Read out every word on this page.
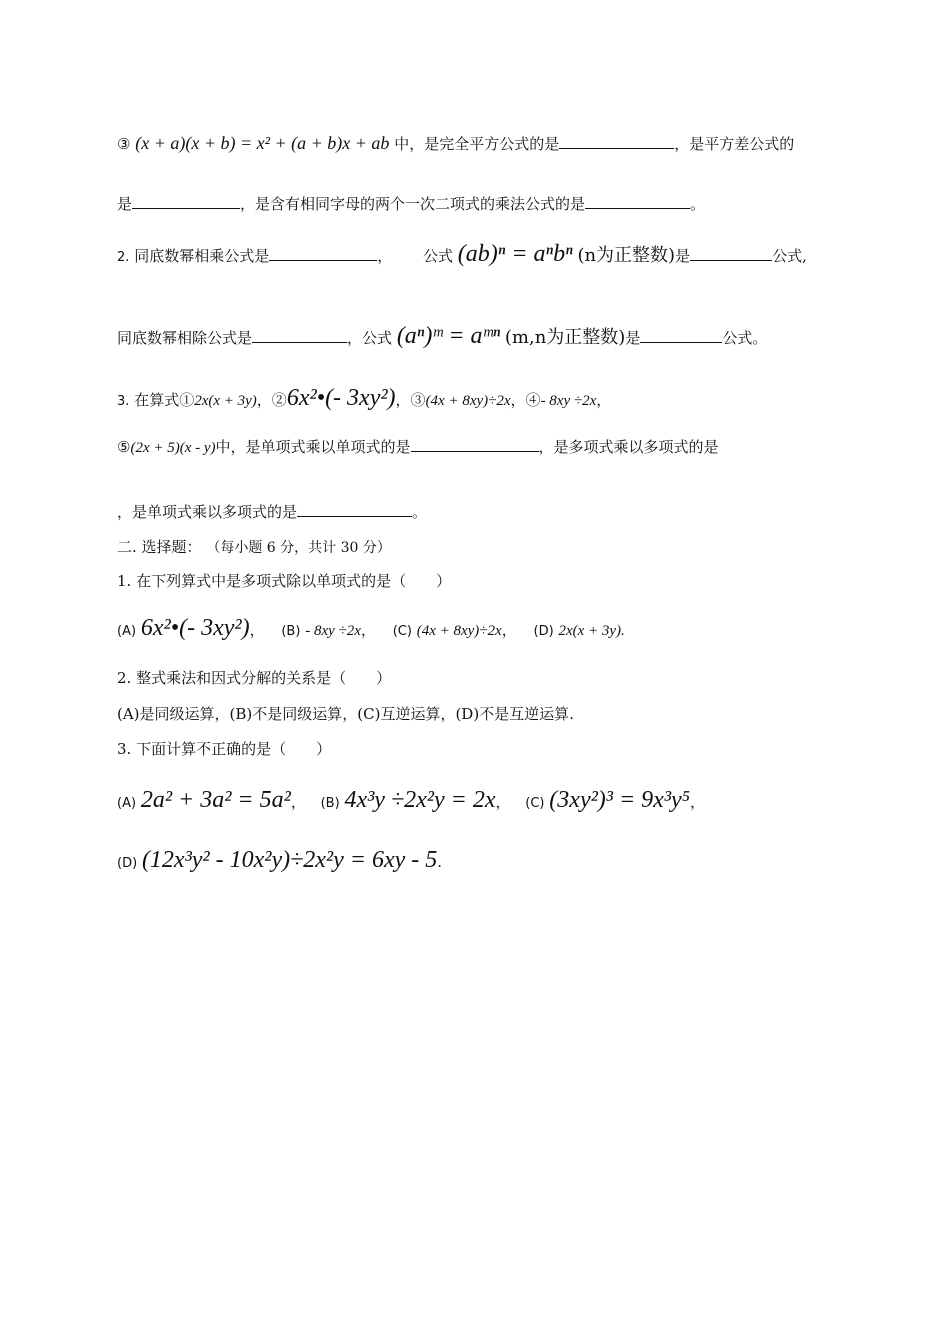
③ (x + a)(x + b) = x² + (a + b)x + ab 中，是完全平方公式的是	，是平方差公式的
是	，是含有相同字母的两个一次二项式的乘法公式的是	。
2. 同底数幂相乘公式是	， 公式 (ab)ⁿ = aⁿbⁿ (n为正整数)是	公式,
同底数幂相除公式是	，公式 (aⁿ)ᵐ = aᵐⁿ (m,n为正整数)是	公式。
3. 在算式①2x(x + 3y)，②6x²•(- 3xy²)，③(4x + 8xy)÷2x，④- 8xy ÷2x，
⑤(2x + 5)(x - y)中，是单项式乘以单项式的是	，是多项式乘以多项式的是
，是单项式乘以多项式的是	。
二. 选择题： （每小题 6 分，共计 30 分）
1. 在下列算式中是多项式除以单项式的是（　　）
(A) 6x²•(- 3xy²)， (B) - 8xy ÷2x， (C) (4x + 8xy)÷2x， (D) 2x(x + 3y).
2. 整式乘法和因式分解的关系是（　　）
(A)是同级运算，(B)不是同级运算，(C)互逆运算，(D)不是互逆运算.
3. 下面计算不正确的是（　　）
(A) 2a² + 3a² = 5a²， (B) 4x³y ÷2x²y = 2x， (C) (3xy²)³ = 9x³y⁵，
(D) (12x³y² - 10x²y)÷2x²y = 6xy - 5.
